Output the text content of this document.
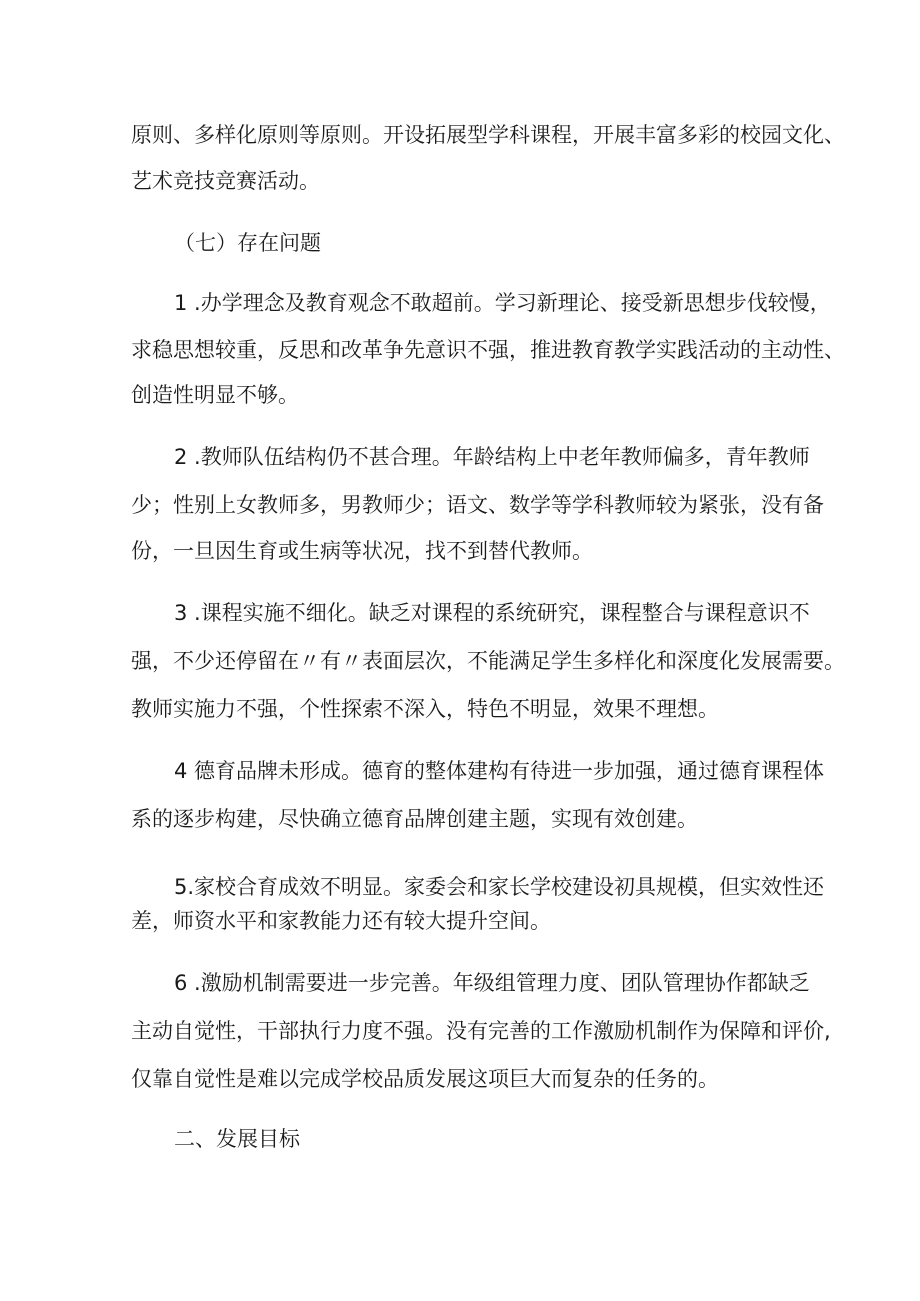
原则、多样化原则等原则。开设拓展型学科课程，开展丰富多彩的校园文化、
艺术竞技竞赛活动。
（七）存在问题
1 .办学理念及教育观念不敢超前。学习新理论、接受新思想步伐较慢，
求稳思想较重，反思和改革争先意识不强，推进教育教学实践活动的主动性、
创造性明显不够。
2 .教师队伍结构仍不甚合理。年龄结构上中老年教师偏多，青年教师
少；性别上女教师多，男教师少；语文、数学等学科教师较为紧张，没有备
份，一旦因生育或生病等状况，找不到替代教师。
3 .课程实施不细化。缺乏对课程的系统研究，课程整合与课程意识不
强，不少还停留在〃有〃表面层次，不能满足学生多样化和深度化发展需要。
教师实施力不强，个性探索不深入，特色不明显，效果不理想。
4 德育品牌未形成。德育的整体建构有待进一步加强，通过德育课程体
系的逐步构建，尽快确立德育品牌创建主题，实现有效创建。
5.家校合育成效不明显。家委会和家长学校建设初具规模，但实效性还
差，师资水平和家教能力还有较大提升空间。
6 .激励机制需要进一步完善。年级组管理力度、团队管理协作都缺乏
主动自觉性，干部执行力度不强。没有完善的工作激励机制作为保障和评价,
仅靠自觉性是难以完成学校品质发展这项巨大而复杂的任务的。
二、发展目标
